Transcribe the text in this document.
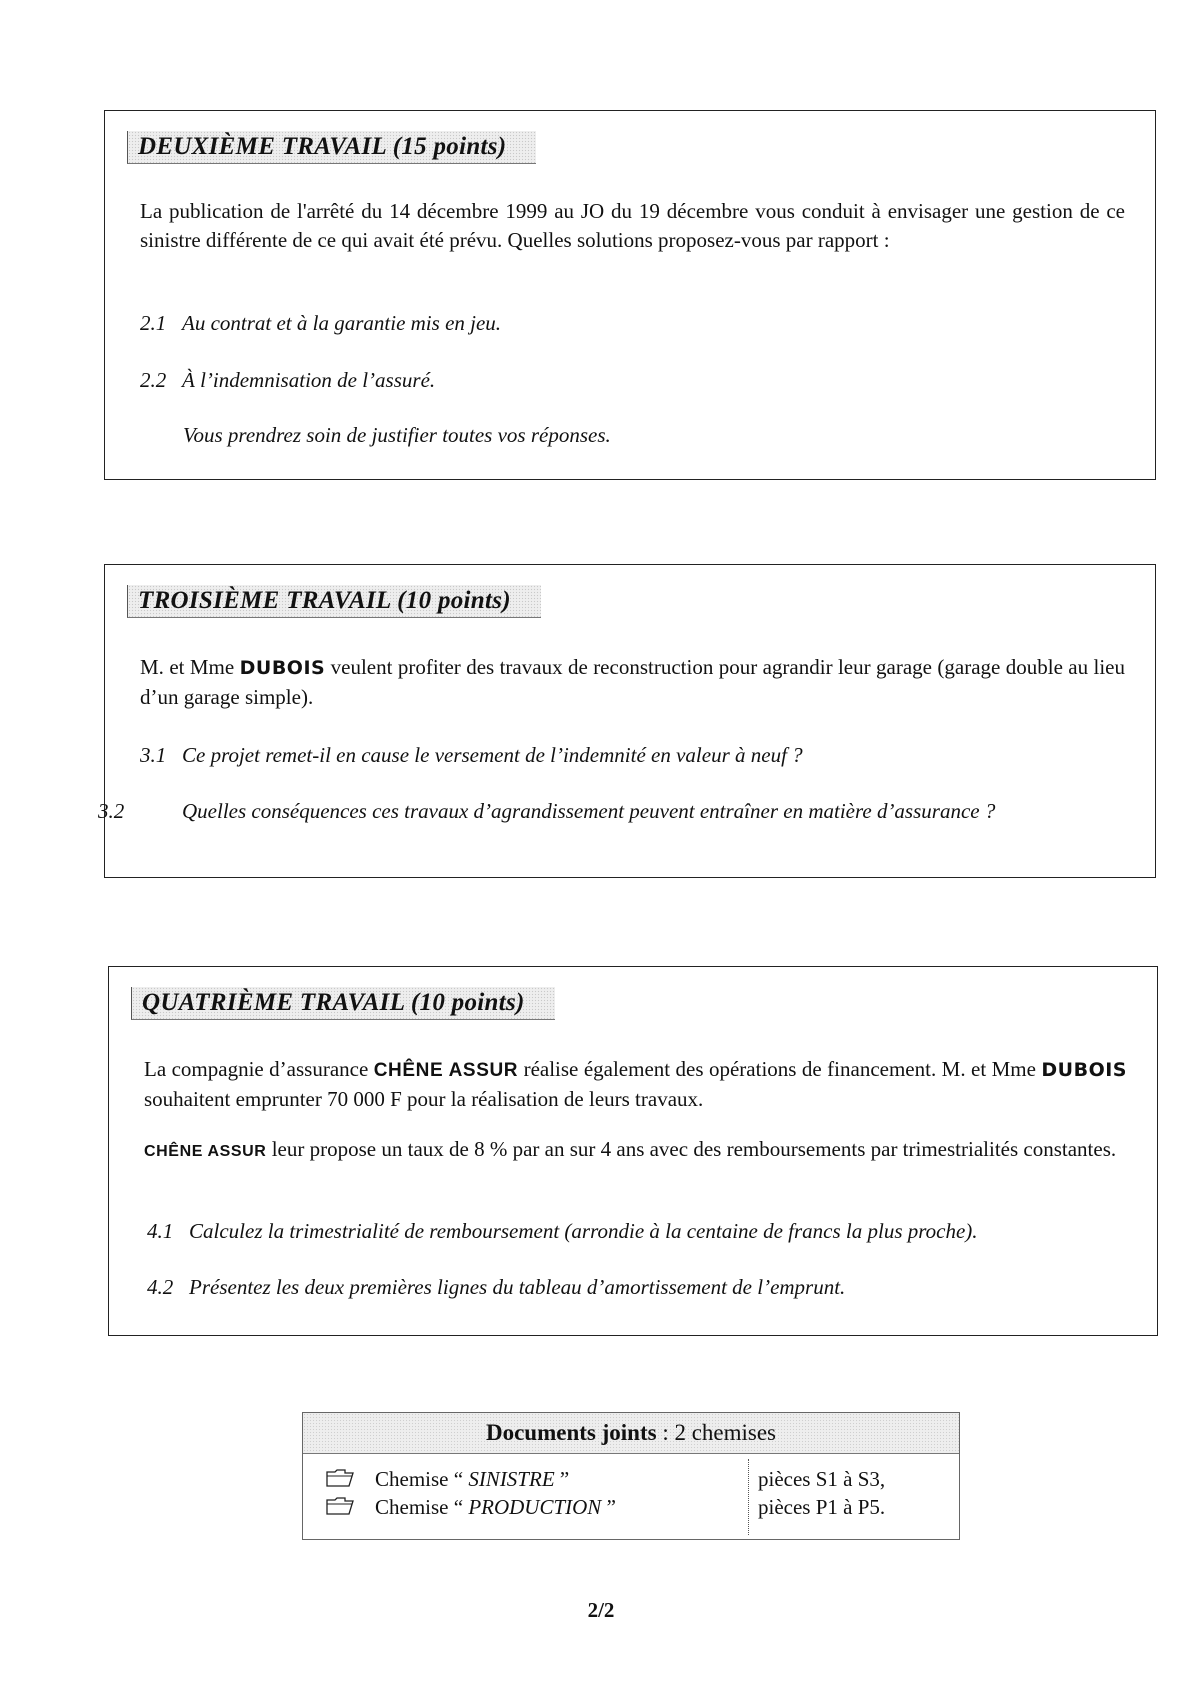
DEUXIÈME TRAVAIL (15 points)
La publication de l'arrêté du 14 décembre 1999 au JO du 19 décembre vous conduit à envisager une gestion de ce sinistre différente de ce qui avait été prévu. Quelles solutions proposez-vous par rapport :
2.1 Au contrat et à la garantie mis en jeu.
2.2 À l’indemnisation de l’assuré.
Vous prendrez soin de justifier toutes vos réponses.
TROISIÈME TRAVAIL (10 points)
M. et Mme DUBOIS veulent profiter des travaux de reconstruction pour agrandir leur garage (garage double au lieu d’un garage simple).
3.1 Ce projet remet-il en cause le versement de l’indemnité en valeur à neuf ?
3.2	Quelles conséquences ces travaux d’agrandissement peuvent entraîner en matière d’assurance ?
QUATRIÈME TRAVAIL (10 points)
La compagnie d’assurance CHÊNE ASSUR réalise également des opérations de financement. M. et Mme DUBOIS souhaitent emprunter 70 000 F pour la réalisation de leurs travaux.
CHÊNE ASSUR leur propose un taux de 8 % par an sur 4 ans avec des remboursements par trimestrialités constantes.
4.1 Calculez la trimestrialité de remboursement (arrondie à la centaine de francs la plus proche).
4.2 Présentez les deux premières lignes du tableau d’amortissement de l’emprunt.
Documents joints : 2 chemises
Chemise “ SINISTRE ”
Chemise “ PRODUCTION ”
pièces S1 à S3,
pièces P1 à P5.
2/2
